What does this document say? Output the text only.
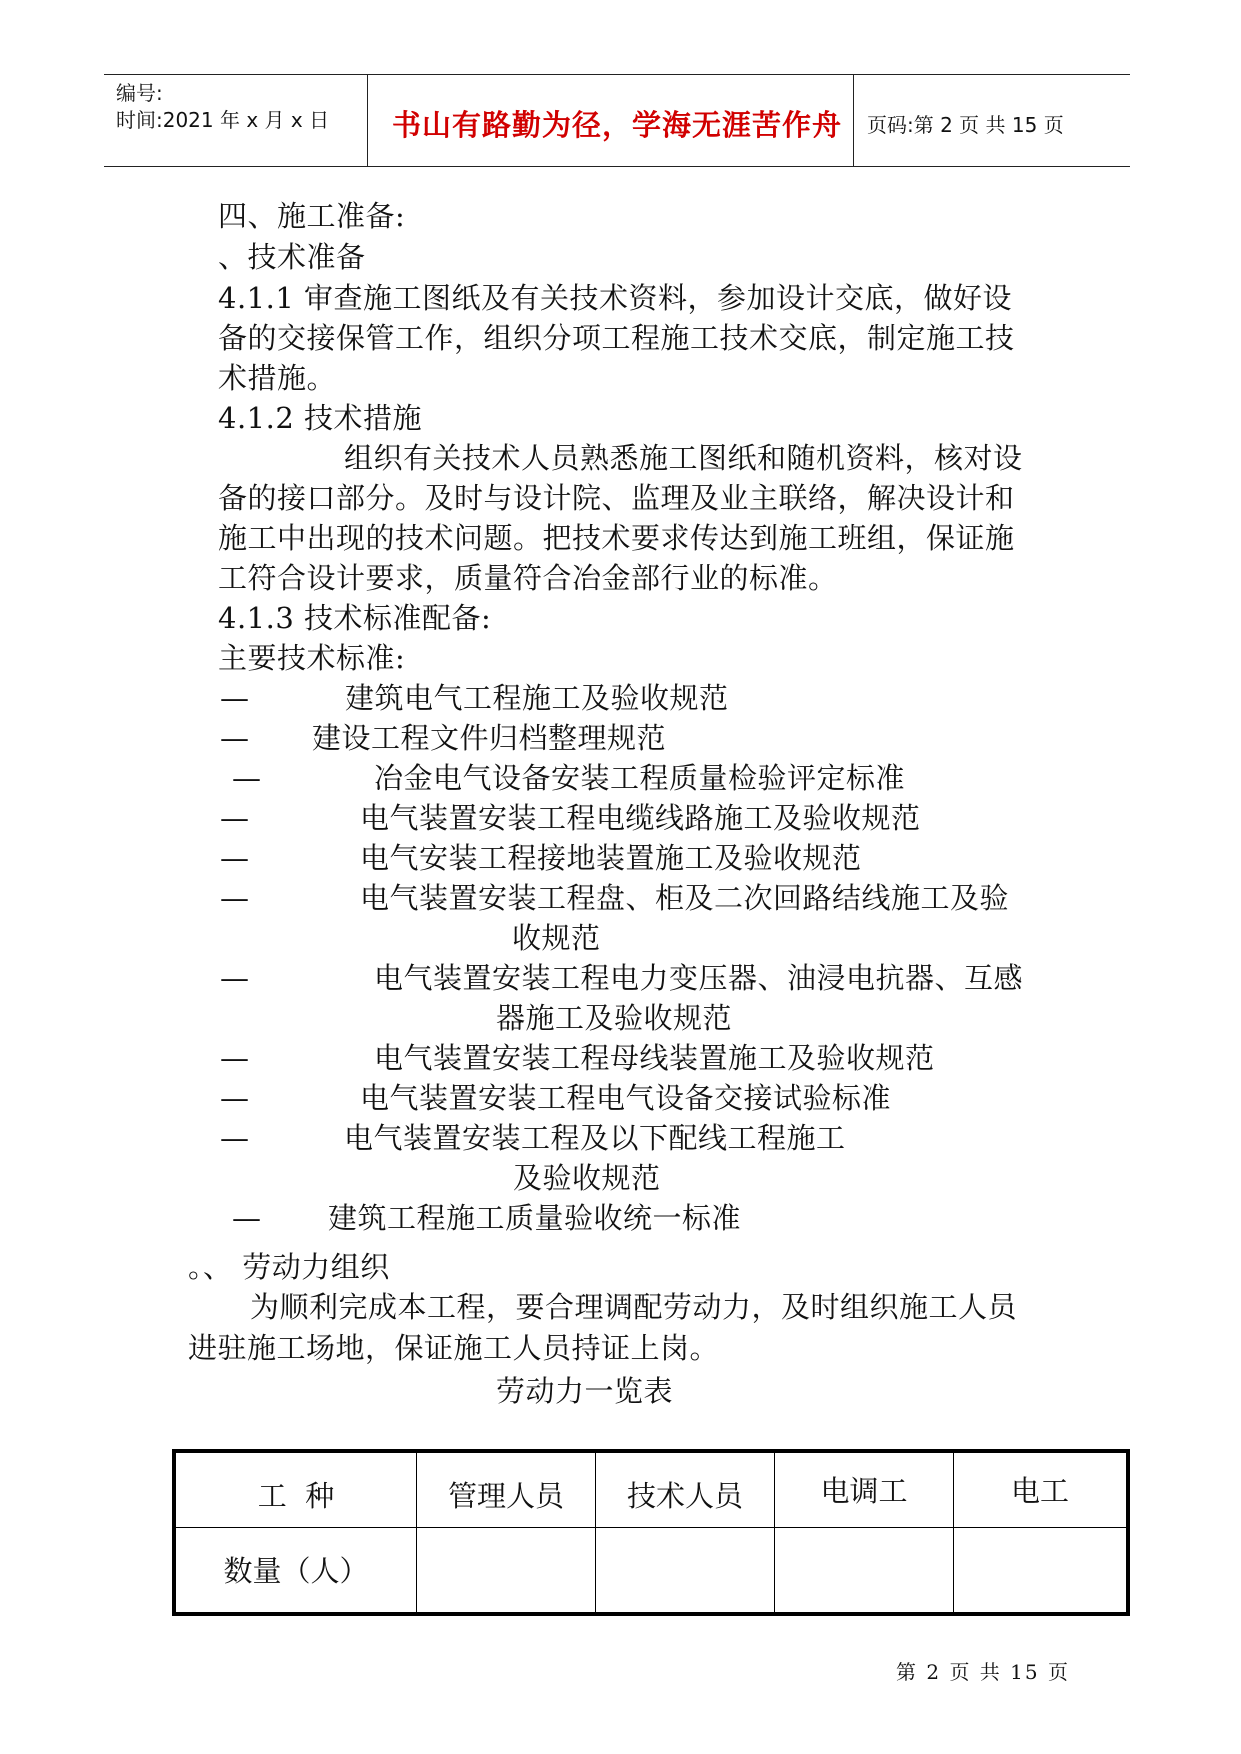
编号:
时间:2021 年 x 月 x 日 书山有路勤为径，学海无涯苦作舟 页码:第 2 页 共 15 页
四、施工准备:
、技术准备
4.1.1 审查施工图纸及有关技术资料，参加设计交底，做好设
备的交接保管工作，组织分项工程施工技术交底，制定施工技
术措施。
4.1.2 技术措施
组织有关技术人员熟悉施工图纸和随机资料，核对设
备的接口部分。及时与设计院、监理及业主联络，解决设计和
施工中出现的技术问题。把技术要求传达到施工班组，保证施
工符合设计要求，质量符合冶金部行业的标准。
4.1.3 技术标准配备:
主要技术标准:
—	建筑电气工程施工及验收规范
— 建设工程文件归档整理规范
—	冶金电气设备安装工程质量检验评定标准
—	电气装置安装工程电缆线路施工及验收规范
—	电气安装工程接地装置施工及验收规范
—	电气装置安装工程盘、柜及二次回路结线施工及验
收规范
—	电气装置安装工程电力变压器、油浸电抗器、互感
器施工及验收规范
—	电气装置安装工程母线装置施工及验收规范
—	电气装置安装工程电气设备交接试验标准
—	电气装置安装工程及以下配线工程施工
及验收规范
— 建筑工程施工质量验收统一标准
。、 劳动力组织
为顺利完成本工程，要合理调配劳动力，及时组织施工人员
进驻施工场地，保证施工人员持证上岗。
劳动力一览表
工  种	管理人员	技术人员	电调工	电工
数量（人）				
第 2 页 共 15 页
